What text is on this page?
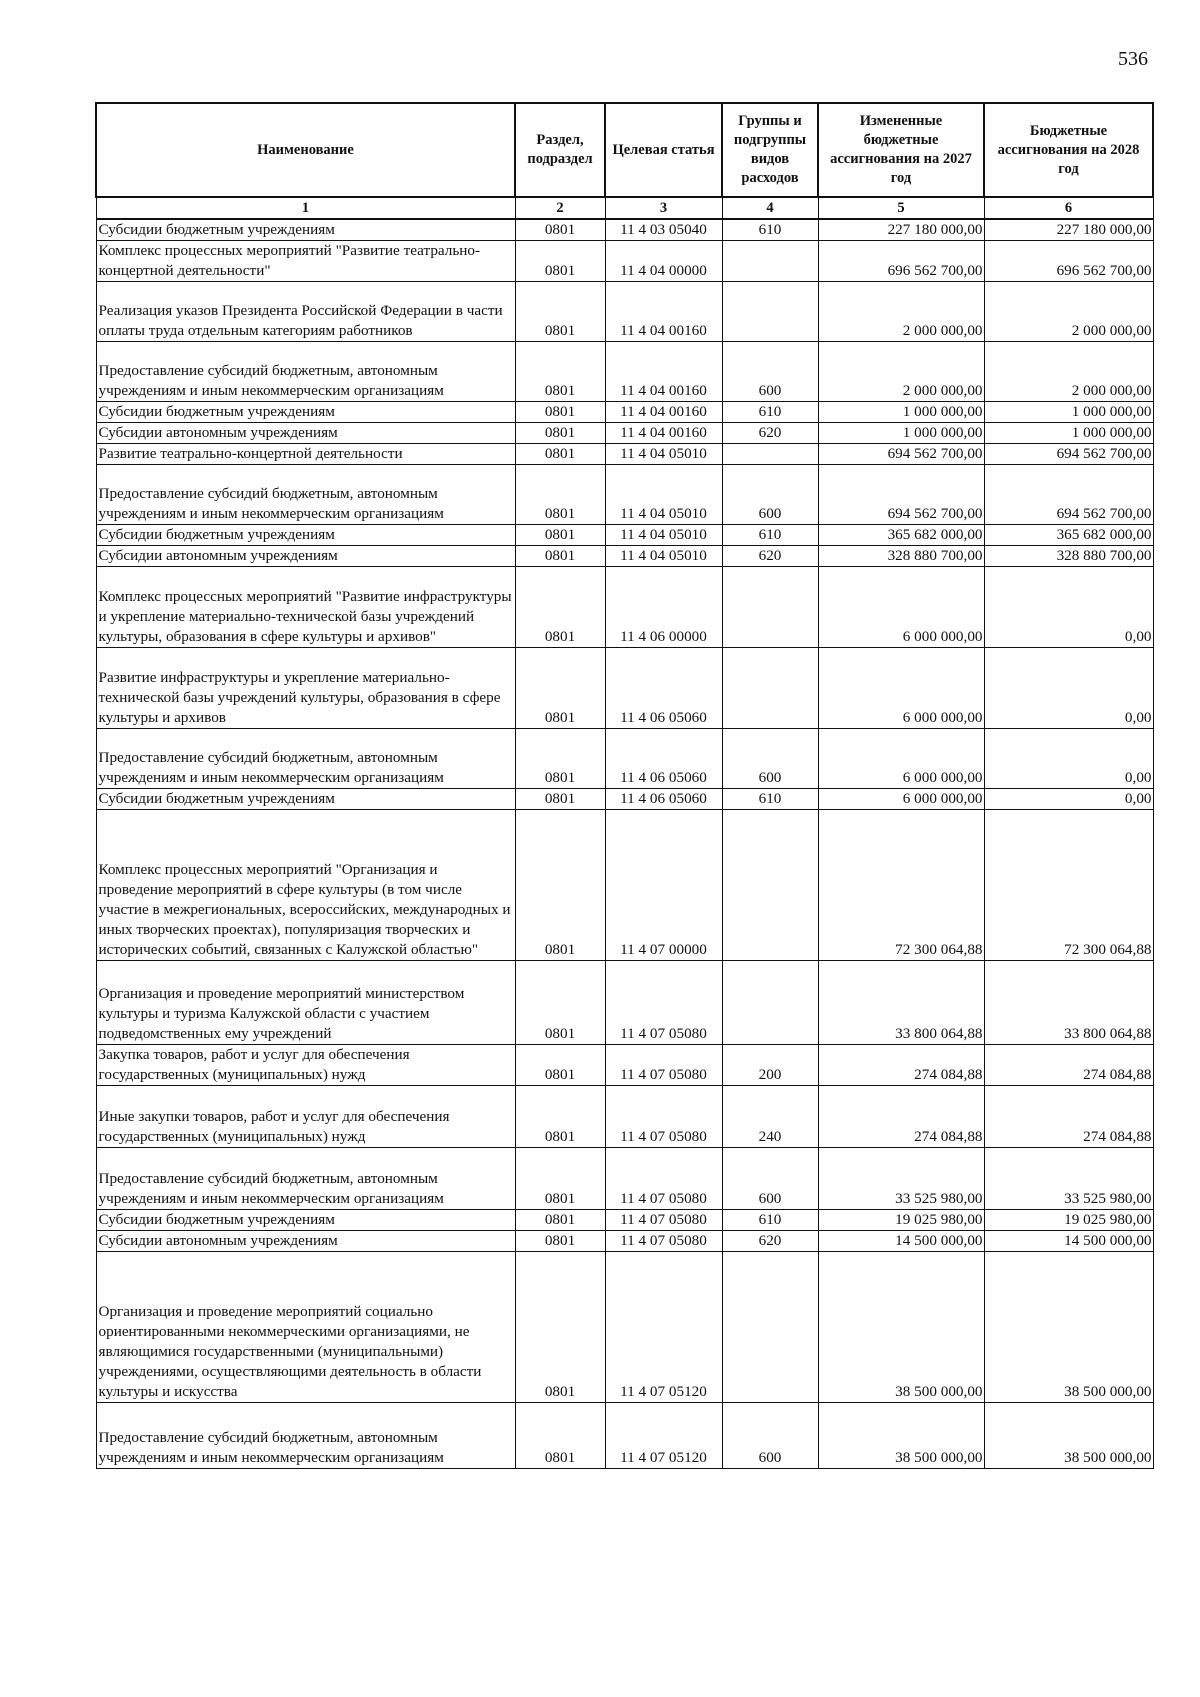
536
Наименование	Раздел, подраздел	Целевая статья	Группы и подгруппы видов расходов	Измененные бюджетные ассигнования на 2027 год	Бюджетные ассигнования на 2028 год
1	2	3	4	5	6
Субсидии бюджетным учреждениям	0801	11 4 03 05040	610	227 180 000,00	227 180 000,00
Комплекс процессных мероприятий "Развитие театрально-концертной деятельности"	0801	11 4 04 00000		696 562 700,00	696 562 700,00
Реализация указов Президента Российской Федерации в части оплаты труда отдельным категориям работников	0801	11 4 04 00160		2 000 000,00	2 000 000,00
Предоставление субсидий бюджетным, автономным учреждениям и иным некоммерческим организациям	0801	11 4 04 00160	600	2 000 000,00	2 000 000,00
Субсидии бюджетным учреждениям	0801	11 4 04 00160	610	1 000 000,00	1 000 000,00
Субсидии автономным учреждениям	0801	11 4 04 00160	620	1 000 000,00	1 000 000,00
Развитие театрально-концертной деятельности	0801	11 4 04 05010		694 562 700,00	694 562 700,00
Предоставление субсидий бюджетным, автономным учреждениям и иным некоммерческим организациям	0801	11 4 04 05010	600	694 562 700,00	694 562 700,00
Субсидии бюджетным учреждениям	0801	11 4 04 05010	610	365 682 000,00	365 682 000,00
Субсидии автономным учреждениям	0801	11 4 04 05010	620	328 880 700,00	328 880 700,00
Комплекс процессных мероприятий "Развитие инфраструктуры и укрепление материально-технической базы учреждений культуры, образования в сфере культуры и архивов"	0801	11 4 06 00000		6 000 000,00	0,00
Развитие инфраструктуры и укрепление материально-технической базы учреждений культуры, образования в сфере культуры и архивов	0801	11 4 06 05060		6 000 000,00	0,00
Предоставление субсидий бюджетным, автономным учреждениям и иным некоммерческим организациям	0801	11 4 06 05060	600	6 000 000,00	0,00
Субсидии бюджетным учреждениям	0801	11 4 06 05060	610	6 000 000,00	0,00
Комплекс процессных мероприятий "Организация и проведение мероприятий в сфере культуры (в том числе участие в межрегиональных, всероссийских, международных и иных творческих проектах), популяризация творческих и исторических событий, связанных с Калужской областью"	0801	11 4 07 00000		72 300 064,88	72 300 064,88
Организация и проведение мероприятий министерством культуры и туризма Калужской области с участием подведомственных ему учреждений	0801	11 4 07 05080		33 800 064,88	33 800 064,88
Закупка товаров, работ и услуг для обеспечения государственных (муниципальных) нужд	0801	11 4 07 05080	200	274 084,88	274 084,88
Иные закупки товаров, работ и услуг для обеспечения государственных (муниципальных) нужд	0801	11 4 07 05080	240	274 084,88	274 084,88
Предоставление субсидий бюджетным, автономным учреждениям и иным некоммерческим организациям	0801	11 4 07 05080	600	33 525 980,00	33 525 980,00
Субсидии бюджетным учреждениям	0801	11 4 07 05080	610	19 025 980,00	19 025 980,00
Субсидии автономным учреждениям	0801	11 4 07 05080	620	14 500 000,00	14 500 000,00
Организация и проведение мероприятий социально ориентированными некоммерческими организациями, не являющимися государственными (муниципальными) учреждениями, осуществляющими деятельность в области культуры и искусства	0801	11 4 07 05120		38 500 000,00	38 500 000,00
Предоставление субсидий бюджетным, автономным учреждениям и иным некоммерческим организациям	0801	11 4 07 05120	600	38 500 000,00	38 500 000,00
